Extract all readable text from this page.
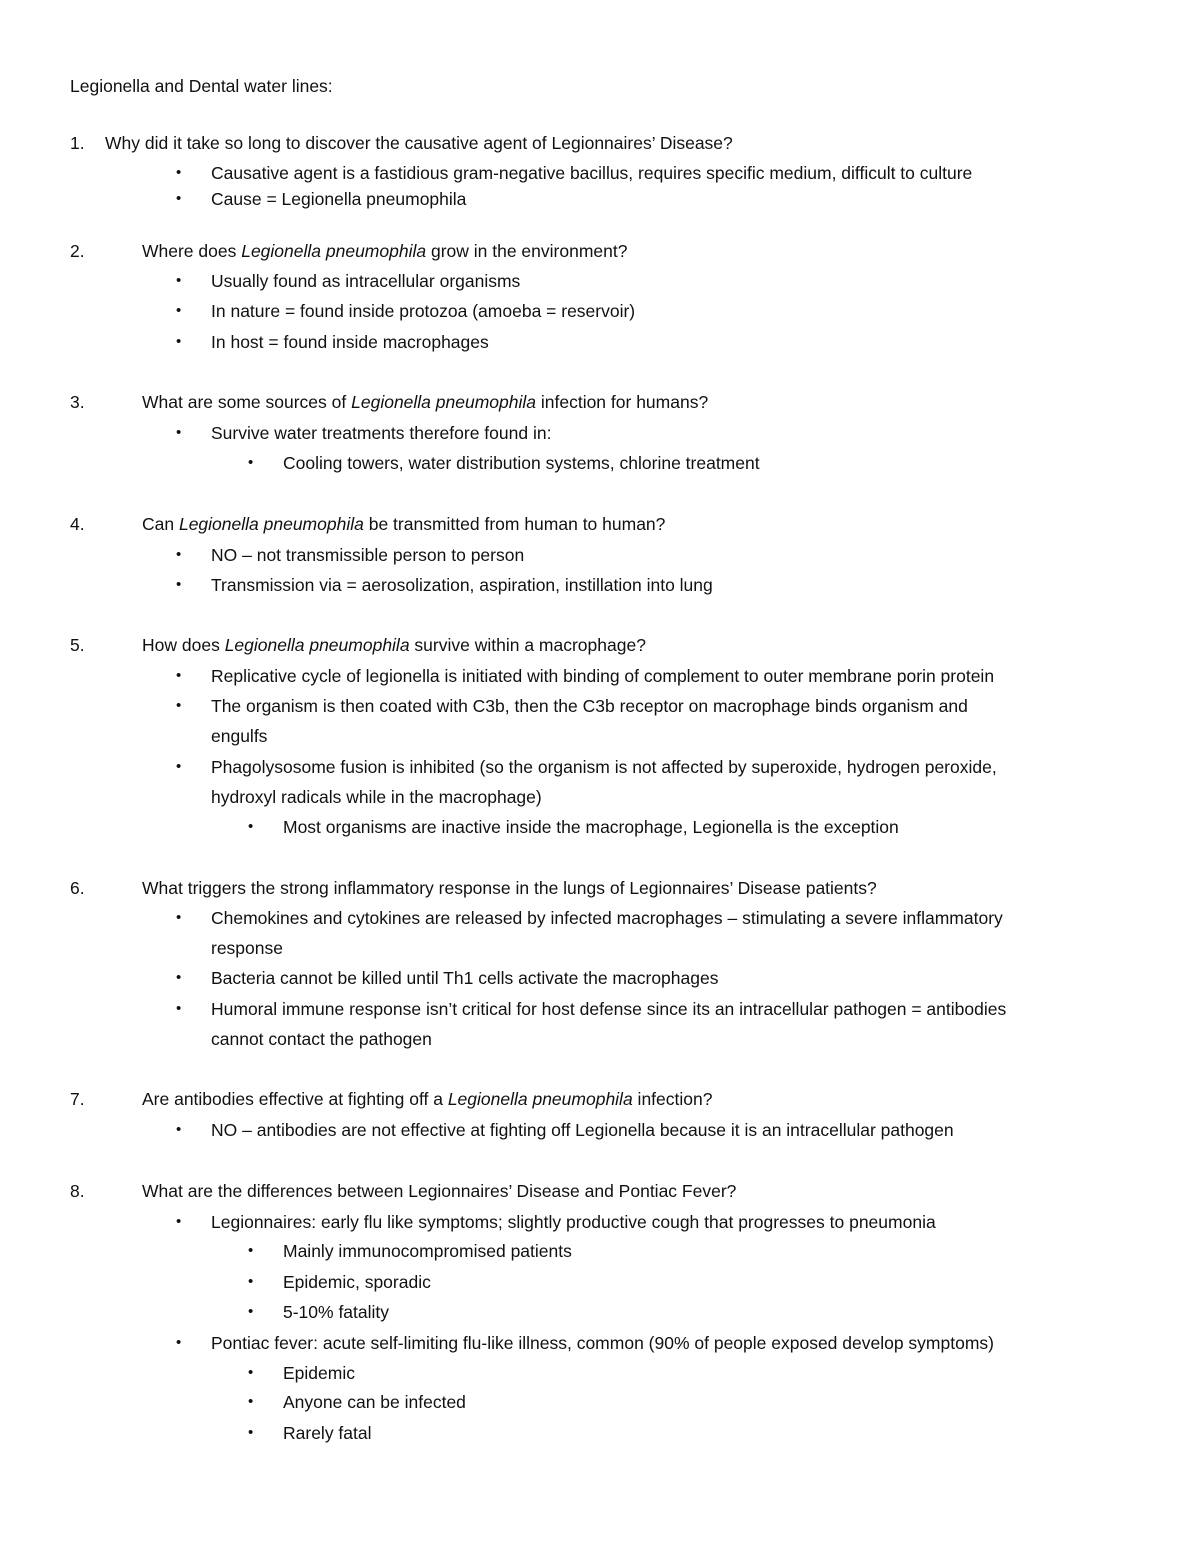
Legionella and Dental water lines:
1. Why did it take so long to discover the causative agent of Legionnaires’ Disease?
• Causative agent is a fastidious gram-negative bacillus, requires specific medium, difficult to culture
• Cause = Legionella pneumophila
2.	Where does Legionella pneumophila grow in the environment?
• Usually found as intracellular organisms
• In nature = found inside protozoa (amoeba = reservoir)
• In host = found inside macrophages
3.	What are some sources of Legionella pneumophila infection for humans?
• Survive water treatments therefore found in:
• Cooling towers, water distribution systems, chlorine treatment
4.	Can Legionella pneumophila be transmitted from human to human?
• NO – not transmissible person to person
• Transmission via = aerosolization, aspiration, instillation into lung
5.	How does Legionella pneumophila survive within a macrophage?
• Replicative cycle of legionella is initiated with binding of complement to outer membrane porin protein
• The organism is then coated with C3b, then the C3b receptor on macrophage binds organism and
engulfs
• Phagolysosome fusion is inhibited (so the organism is not affected by superoxide, hydrogen peroxide,
hydroxyl radicals while in the macrophage)
• Most organisms are inactive inside the macrophage, Legionella is the exception
6.	What triggers the strong inflammatory response in the lungs of Legionnaires’ Disease patients?
• Chemokines and cytokines are released by infected macrophages – stimulating a severe inflammatory
response
• Bacteria cannot be killed until Th1 cells activate the macrophages
• Humoral immune response isn’t critical for host defense since its an intracellular pathogen = antibodies
cannot contact the pathogen
7.	Are antibodies effective at fighting off a Legionella pneumophila infection?
• NO – antibodies are not effective at fighting off Legionella because it is an intracellular pathogen
8.	What are the differences between Legionnaires’ Disease and Pontiac Fever?
• Legionnaires: early flu like symptoms; slightly productive cough that progresses to pneumonia
• Mainly immunocompromised patients
• Epidemic, sporadic
• 5-10% fatality
• Pontiac fever: acute self-limiting flu-like illness, common (90% of people exposed develop symptoms)
• Epidemic
• Anyone can be infected
• Rarely fatal
